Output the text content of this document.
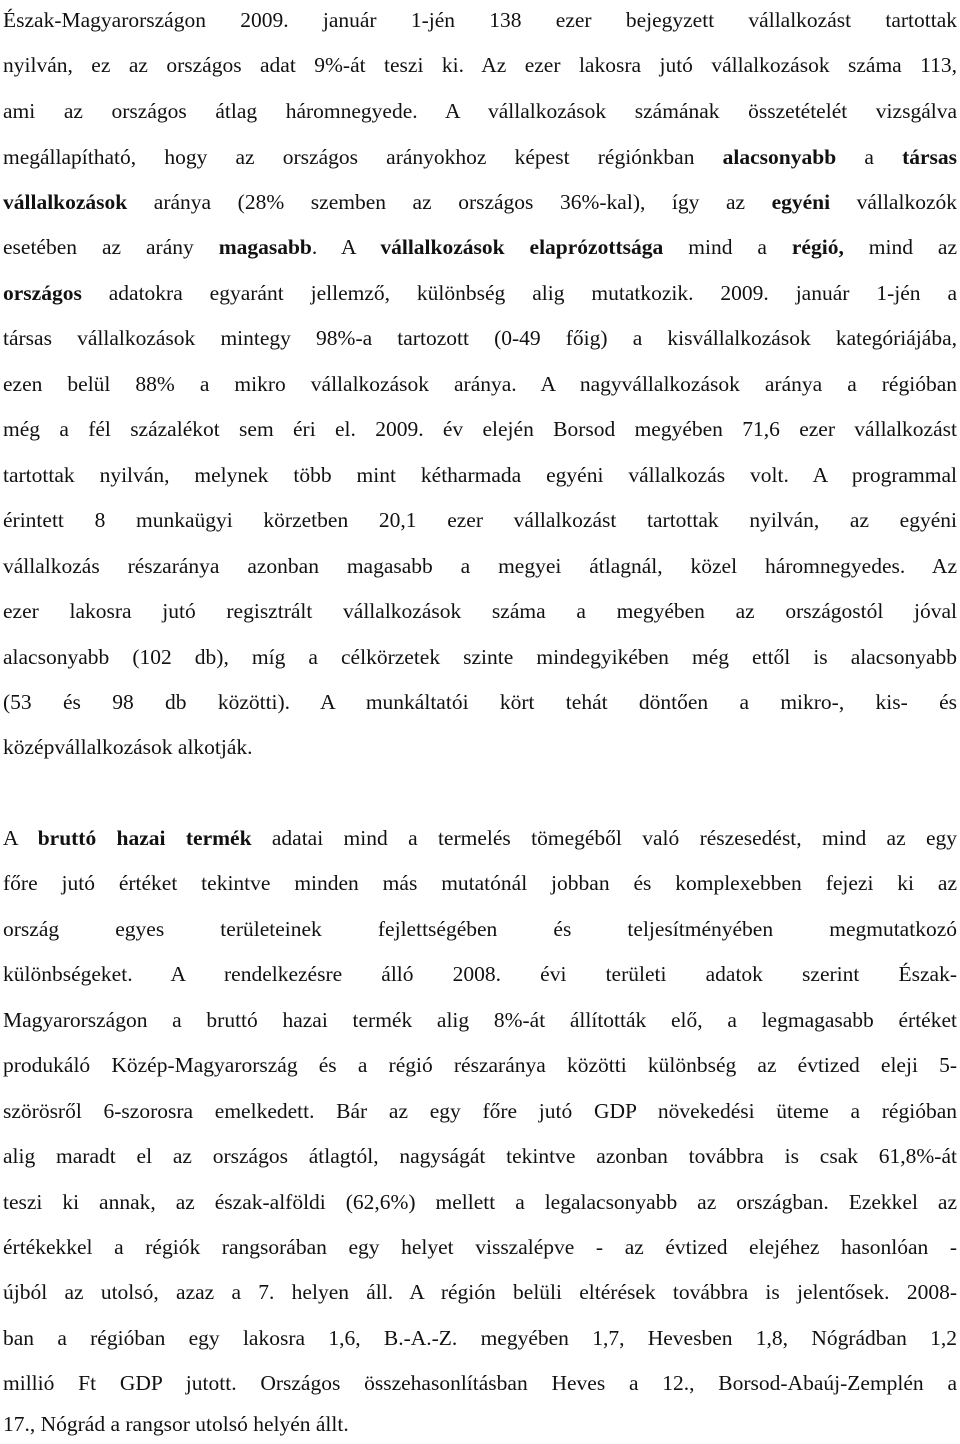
Észak-Magyarországon 2009. január 1-jén 138 ezer bejegyzett vállalkozást tartottak
nyilván, ez az országos adat 9%-át teszi ki. Az ezer lakosra jutó vállalkozások száma 113,
ami az országos átlag háromnegyede. A vállalkozások számának összetételét vizsgálva
megállapítható, hogy az országos arányokhoz képest régiónkban alacsonyabb a társas
vállalkozások aránya (28% szemben az országos 36%-kal), így az egyéni vállalkozók
esetében az arány magasabb. A vállalkozások elaprózottsága mind a régió, mind az
országos adatokra egyaránt jellemző, különbség alig mutatkozik. 2009. január 1-jén a
társas vállalkozások mintegy 98%-a tartozott (0-49 főig) a kisvállalkozások kategóriájába,
ezen belül 88% a mikro vállalkozások aránya. A nagyvállalkozások aránya a régióban
még a fél százalékot sem éri el. 2009. év elején Borsod megyében 71,6 ezer vállalkozást
tartottak nyilván, melynek több mint kétharmada egyéni vállalkozás volt. A programmal
érintett 8 munkaügyi körzetben 20,1 ezer vállalkozást tartottak nyilván, az egyéni
vállalkozás részaránya azonban magasabb a megyei átlagnál, közel háromnegyedes. Az
ezer lakosra jutó regisztrált vállalkozások száma a megyében az országostól jóval
alacsonyabb (102 db), míg a célkörzetek szinte mindegyikében még ettől is alacsonyabb
(53 és 98 db közötti). A munkáltatói kört tehát döntően a mikro-, kis- és
középvállalkozások alkotják.
A bruttó hazai termék adatai mind a termelés tömegéből való részesedést, mind az egy
főre jutó értéket tekintve minden más mutatónál jobban és komplexebben fejezi ki az
ország egyes területeinek fejlettségében és teljesítményében megmutatkozó
különbségeket. A rendelkezésre álló 2008. évi területi adatok szerint Észak-
Magyarországon a bruttó hazai termék alig 8%-át állították elő, a legmagasabb értéket
produkáló Közép-Magyarország és a régió részaránya közötti különbség az évtized eleji 5-
szörösről 6-szorosra emelkedett. Bár az egy főre jutó GDP növekedési üteme a régióban
alig maradt el az országos átlagtól, nagyságát tekintve azonban továbbra is csak 61,8%-át
teszi ki annak, az észak-alföldi (62,6%) mellett a legalacsonyabb az országban. Ezekkel az
értékekkel a régiók rangsorában egy helyet visszalépve - az évtized elejéhez hasonlóan -
újból az utolsó, azaz a 7. helyen áll. A régión belüli eltérések továbbra is jelentősek. 2008-
ban a régióban egy lakosra 1,6, B.-A.-Z. megyében 1,7, Hevesben 1,8, Nógrádban 1,2
millió Ft GDP jutott. Országos összehasonlításban Heves a 12., Borsod-Abaúj-Zemplén a
17., Nógrád a rangsor utolsó helyén állt.
